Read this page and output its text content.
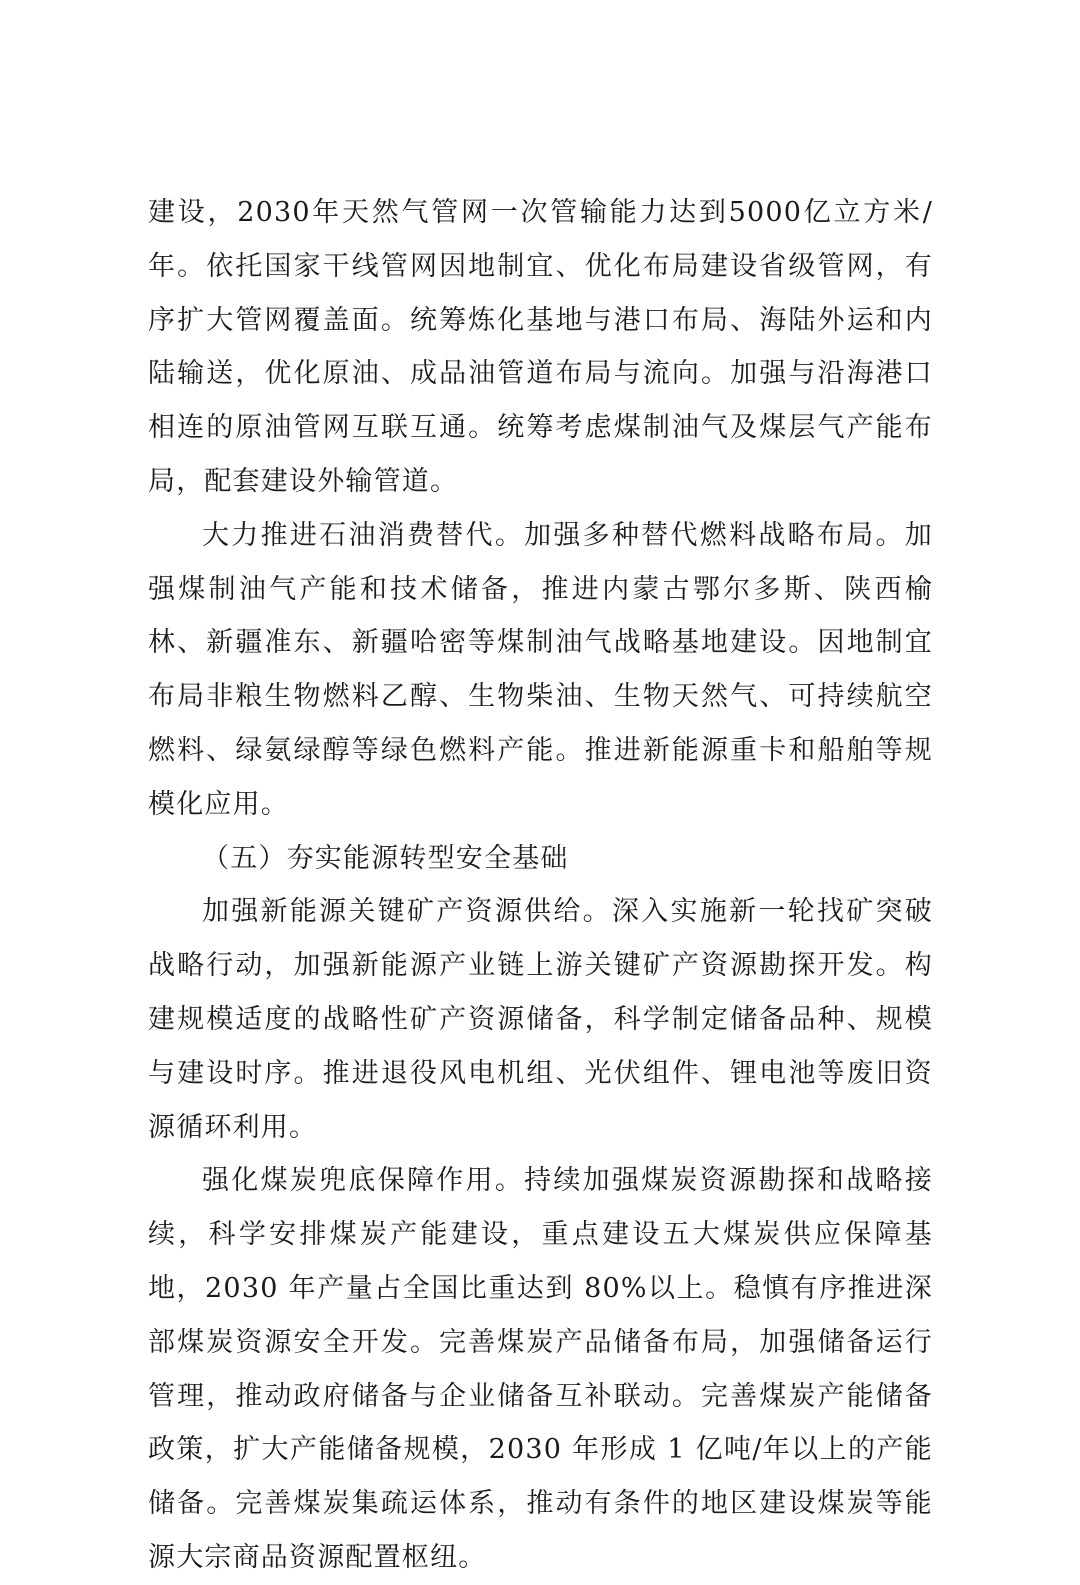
建设，2030年天然气管网一次管输能力达到5000亿立方米/年。依托国家干线管网因地制宜、优化布局建设省级管网，有序扩大管网覆盖面。统筹炼化基地与港口布局、海陆外运和内陆输送，优化原油、成品油管道布局与流向。加强与沿海港口相连的原油管网互联互通。统筹考虑煤制油气及煤层气产能布局，配套建设外输管道。

大力推进石油消费替代。加强多种替代燃料战略布局。加强煤制油气产能和技术储备，推进内蒙古鄂尔多斯、陕西榆林、新疆准东、新疆哈密等煤制油气战略基地建设。因地制宜布局非粮生物燃料乙醇、生物柴油、生物天然气、可持续航空燃料、绿氨绿醇等绿色燃料产能。推进新能源重卡和船舶等规模化应用。

（五）夯实能源转型安全基础

加强新能源关键矿产资源供给。深入实施新一轮找矿突破战略行动，加强新能源产业链上游关键矿产资源勘探开发。构建规模适度的战略性矿产资源储备，科学制定储备品种、规模与建设时序。推进退役风电机组、光伏组件、锂电池等废旧资源循环利用。

强化煤炭兜底保障作用。持续加强煤炭资源勘探和战略接续，科学安排煤炭产能建设，重点建设五大煤炭供应保障基地，2030 年产量占全国比重达到 80%以上。稳慎有序推进深部煤炭资源安全开发。完善煤炭产品储备布局，加强储备运行管理，推动政府储备与企业储备互补联动。完善煤炭产能储备政策，扩大产能储备规模，2030 年形成 1 亿吨/年以上的产能储备。完善煤炭集疏运体系，推动有条件的地区建设煤炭等能源大宗商品资源配置枢纽。
